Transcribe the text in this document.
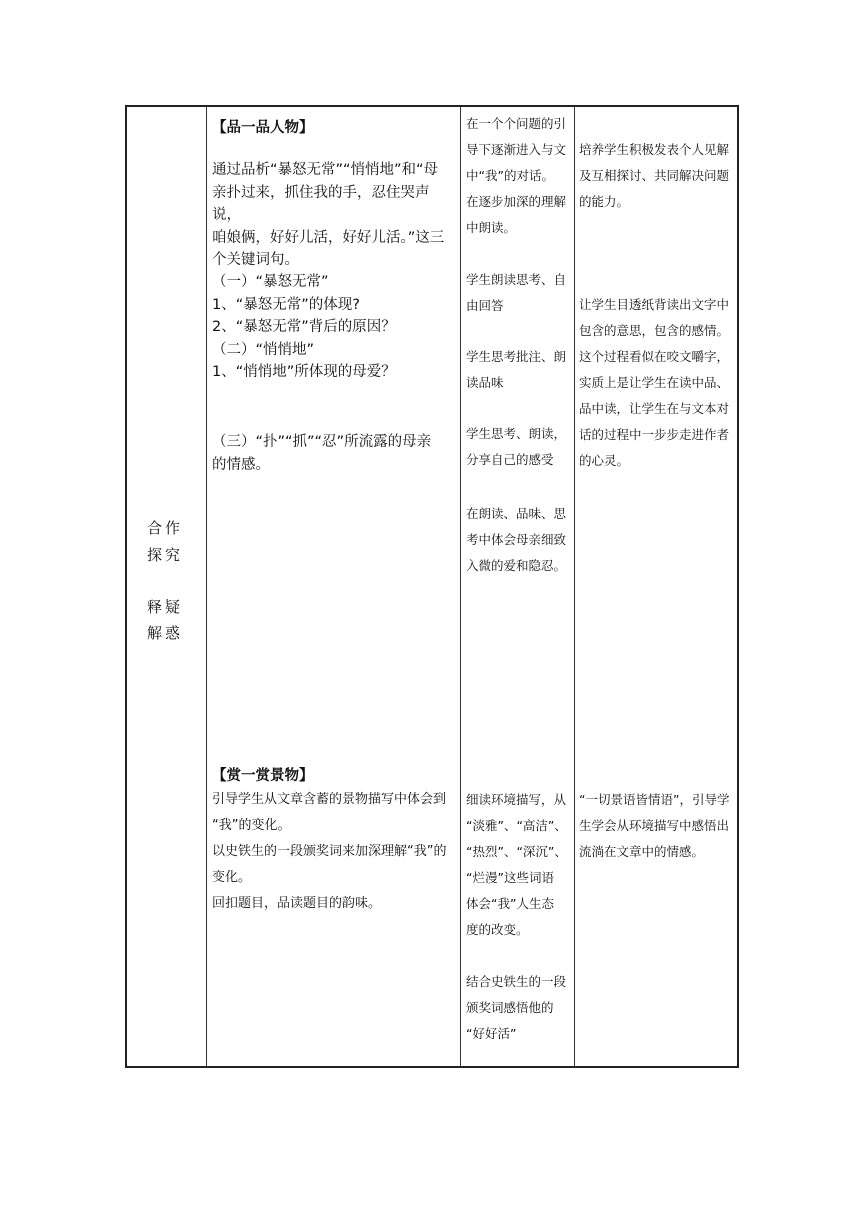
合作
探究
释疑
解惑
【品一品人物】
通过品析“暴怒无常”“悄悄地”和“母
亲扑过来，抓住我的手，忍住哭声说，
咱娘俩，好好儿活，好好儿活。”这三
个关键词句。
（一）“暴怒无常”
1、“暴怒无常”的体现?
2、“暴怒无常”背后的原因？
（二）“悄悄地”
1、“悄悄地”所体现的母爱？
（三）“扑”“抓”“忍”所流露的母亲
的情感。
【赏一赏景物】
引导学生从文章含蓄的景物描写中体会到
“我”的变化。
以史铁生的一段颁奖词来加深理解“我”的
变化。
回扣题目，品读题目的韵味。
在一个个问题的引
导下逐渐进入与文
中“我”的对话。
在逐步加深的理解
中朗读。
学生朗读思考、自
由回答
学生思考批注、朗
读品味
学生思考、朗读，
分享自己的感受
在朗读、品味、思
考中体会母亲细致
入微的爱和隐忍。
细读环境描写，从
“淡雅”、“高洁”、
“热烈”、“深沉”、
“烂漫”这些词语
体会“我”人生态
度的改变。
结合史铁生的一段
颁奖词感悟他的
“好好活”
培养学生积极发表个人见解
及互相探讨、共同解决问题
的能力。
让学生目透纸背读出文字中
包含的意思，包含的感情。
这个过程看似在咬文嚼字，
实质上是让学生在读中品、
品中读，让学生在与文本对
话的过程中一步步走进作者
的心灵。
“一切景语皆情语”，引导学
生学会从环境描写中感悟出
流淌在文章中的情感。
